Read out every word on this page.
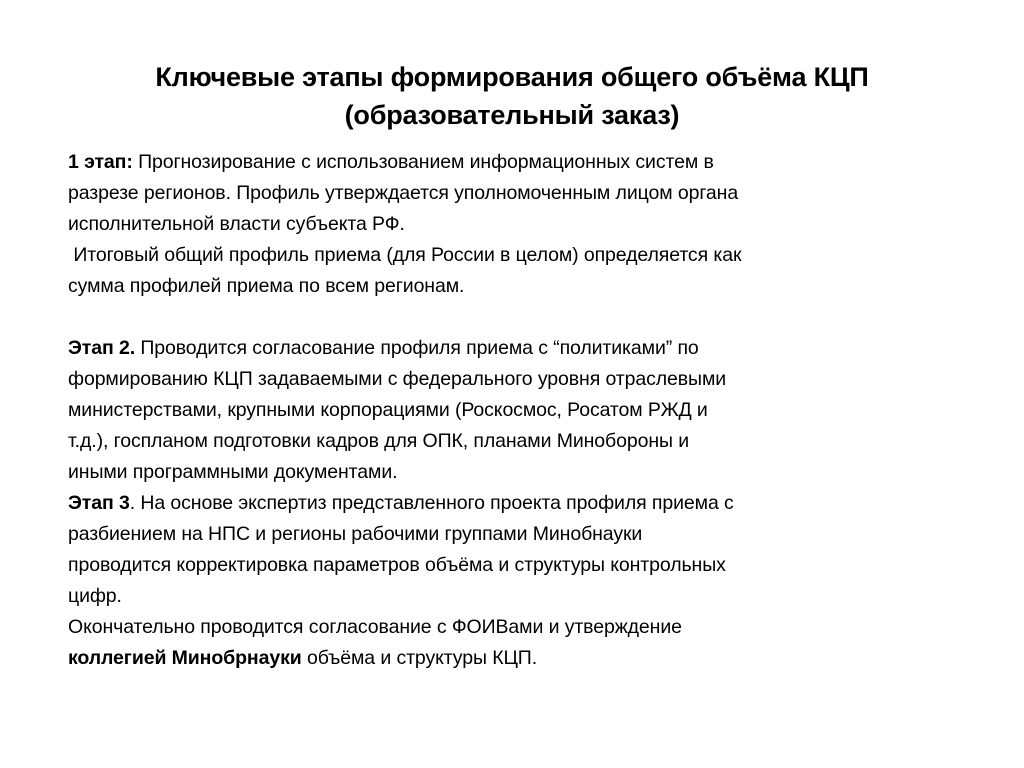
Ключевые этапы формирования общего объёма КЦП
(образовательный заказ)
1 этап: Прогнозирование с использованием информационных систем в
разрезе регионов. Профиль утверждается уполномоченным лицом органа
исполнительной власти субъекта РФ.
Итоговый общий профиль приема (для России в целом) определяется как
сумма профилей приема по всем регионам.
Этап 2. Проводится согласование профиля приема с “политиками” по
формированию КЦП задаваемыми с федерального уровня отраслевыми
министерствами, крупными корпорациями (Роскосмос, Росатом РЖД и
т.д.), госпланом подготовки кадров для ОПК, планами Минобороны и
иными программными документами.
Этап 3. На основе экспертиз представленного проекта профиля приема с
разбиением на НПС и регионы рабочими группами Минобнауки
проводится корректировка параметров объёма и структуры контрольных
цифр.
Окончательно проводится согласование с ФОИВами и утверждение
коллегией Минобрнауки объёма и структуры КЦП.
